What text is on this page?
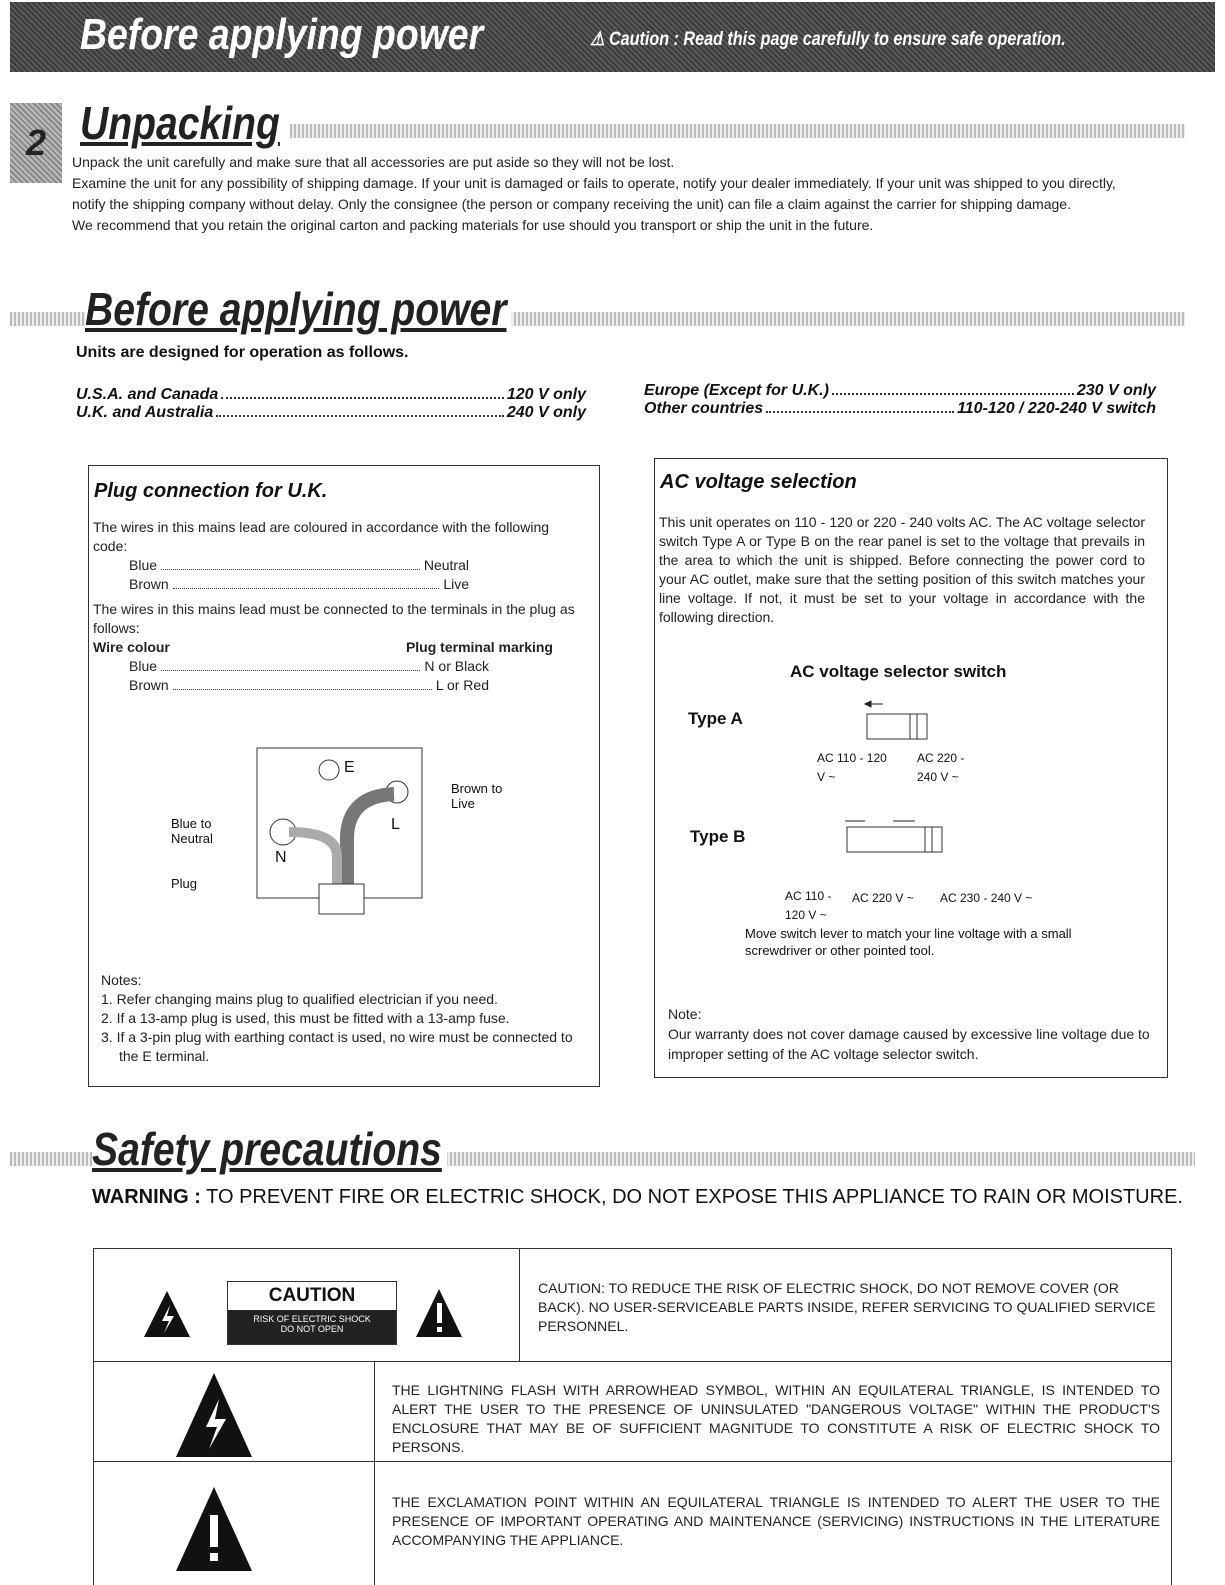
Before applying power	⚠ Caution : Read this page carefully to ensure safe operation.
2 Unpacking
Unpack the unit carefully and make sure that all accessories are put aside so they will not be lost.
Examine the unit for any possibility of shipping damage. If your unit is damaged or fails to operate, notify your dealer immediately. If your unit was shipped to you directly, notify the shipping company without delay. Only the consignee (the person or company receiving the unit) can file a claim against the carrier for shipping damage.
We recommend that you retain the original carton and packing materials for use should you transport or ship the unit in the future.
Before applying power
Units are designed for operation as follows.
U.S.A. and Canada	120 V only
U.K. and Australia	240 V only
Europe (Except for U.K.)	230 V only
Other countries	110-120 / 220-240 V switch
Plug connection for U.K.
The wires in this mains lead are coloured in accordance with the following code:
Blue	Neutral
Brown	Live
The wires in this mains lead must be connected to the terminals in the plug as follows:
Wire colour	Plug terminal marking
Blue	N or Black
Brown	L or Red
E
L
N
Brown to Live
Blue to Neutral
Plug
Notes:
1. Refer changing mains plug to qualified electrician if you need.
2. If a 13-amp plug is used, this must be fitted with a 13-amp fuse.
3. If a 3-pin plug with earthing contact is used, no wire must be connected to the E terminal.
AC voltage selection
This unit operates on 110 - 120 or 220 - 240 volts AC. The AC voltage selector switch Type A or Type B on the rear panel is set to the voltage that prevails in the area to which the unit is shipped. Before connecting the power cord to your AC outlet, make sure that the setting position of this switch matches your line voltage. If not, it must be set to your voltage in accordance with the following direction.
AC voltage selector switch
Type A
Type B
AC 110 - 120 V ~
AC 220 - 240 V ~
AC 110 - 120 V ~
AC 220 V ~ AC 230 - 240 V ~
Move switch lever to match your line voltage with a small screwdriver or other pointed tool.
Note:
Our warranty does not cover damage caused by excessive line voltage due to improper setting of the AC voltage selector switch.
Safety precautions
WARNING : TO PREVENT FIRE OR ELECTRIC SHOCK, DO NOT EXPOSE THIS APPLIANCE TO RAIN OR MOISTURE.
CAUTION
RISK OF ELECTRIC SHOCK DO NOT OPEN
CAUTION: TO REDUCE THE RISK OF ELECTRIC SHOCK, DO NOT REMOVE COVER (OR BACK). NO USER-SERVICEABLE PARTS INSIDE, REFER SERVICING TO QUALIFIED SERVICE PERSONNEL.
THE LIGHTNING FLASH WITH ARROWHEAD SYMBOL, WITHIN AN EQUILATERAL TRIANGLE, IS INTENDED TO ALERT THE USER TO THE PRESENCE OF UNINSULATED "DANGEROUS VOLTAGE" WITHIN THE PRODUCT'S ENCLOSURE THAT MAY BE OF SUFFICIENT MAGNITUDE TO CONSTITUTE A RISK OF ELECTRIC SHOCK TO PERSONS.
THE EXCLAMATION POINT WITHIN AN EQUILATERAL TRIANGLE IS INTENDED TO ALERT THE USER TO THE PRESENCE OF IMPORTANT OPERATING AND MAINTENANCE (SERVICING) INSTRUCTIONS IN THE LITERATURE ACCOMPANYING THE APPLIANCE.
